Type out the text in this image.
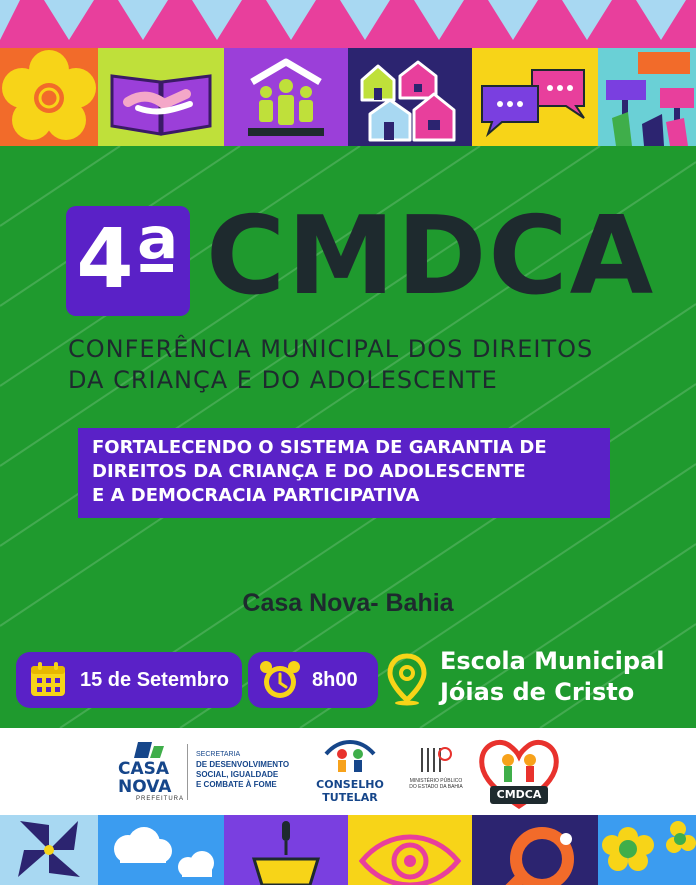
4ª CMDCA
CONFERÊNCIA MUNICIPAL DOS DIREITOS
DA CRIANÇA E DO ADOLESCENTE
FORTALECENDO O SISTEMA DE GARANTIA DE
DIREITOS DA CRIANÇA E DO ADOLESCENTE
E A DEMOCRACIA PARTICIPATIVA
Casa Nova- Bahia
15 de Setembro	8h00
Escola Municipal
Jóias de Cristo
CASA
NOVA
PREFEITURA
SECRETARIA
DE DESENVOLVIMENTO
SOCIAL, IGUALDADE
E COMBATE À FOME	CONSELHO
TUTELAR
MINISTÉRIO PÚBLICO
DO ESTADO DA BAHIA
CMDCA
